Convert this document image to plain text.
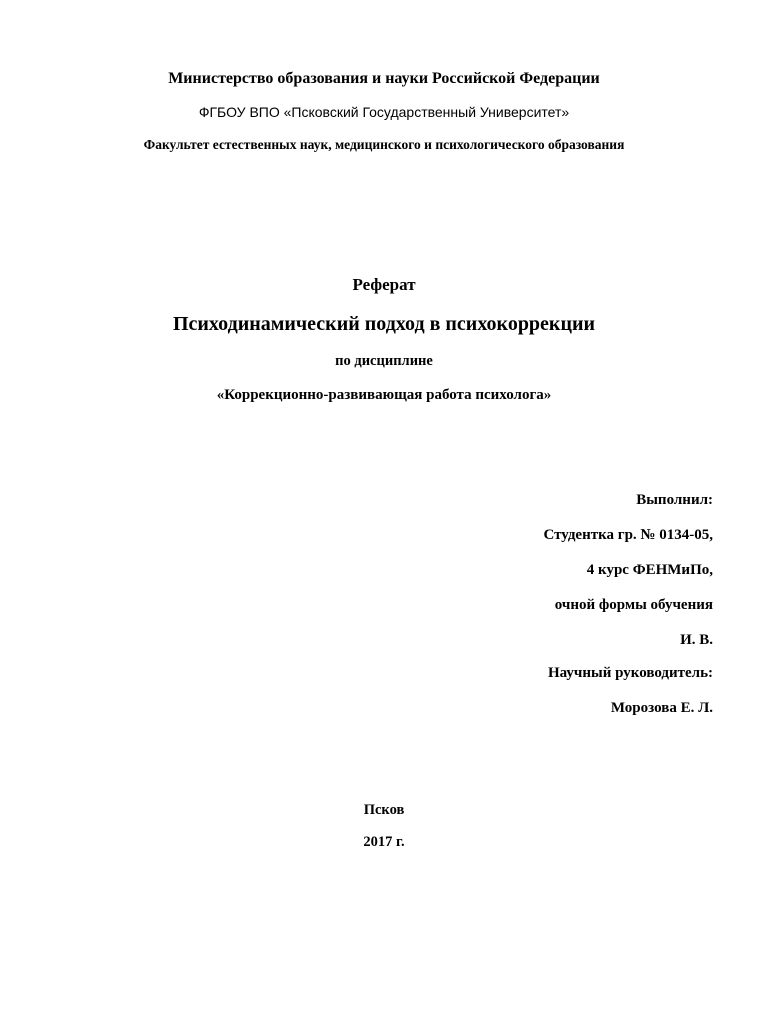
Министерство образования и науки Российской Федерации
ФГБОУ ВПО «Псковский Государственный Университет»
Факультет естественных наук, медицинского и психологического образования
Реферат
Психодинамический подход в психокоррекции
по дисциплине
«Коррекционно-развивающая работа психолога»
Выполнил:
Студентка гр. № 0134-05,
4 курс ФЕНМиПо,
очной формы обучения
И. В.
Научный руководитель:
Морозова Е. Л.
Псков
2017 г.
